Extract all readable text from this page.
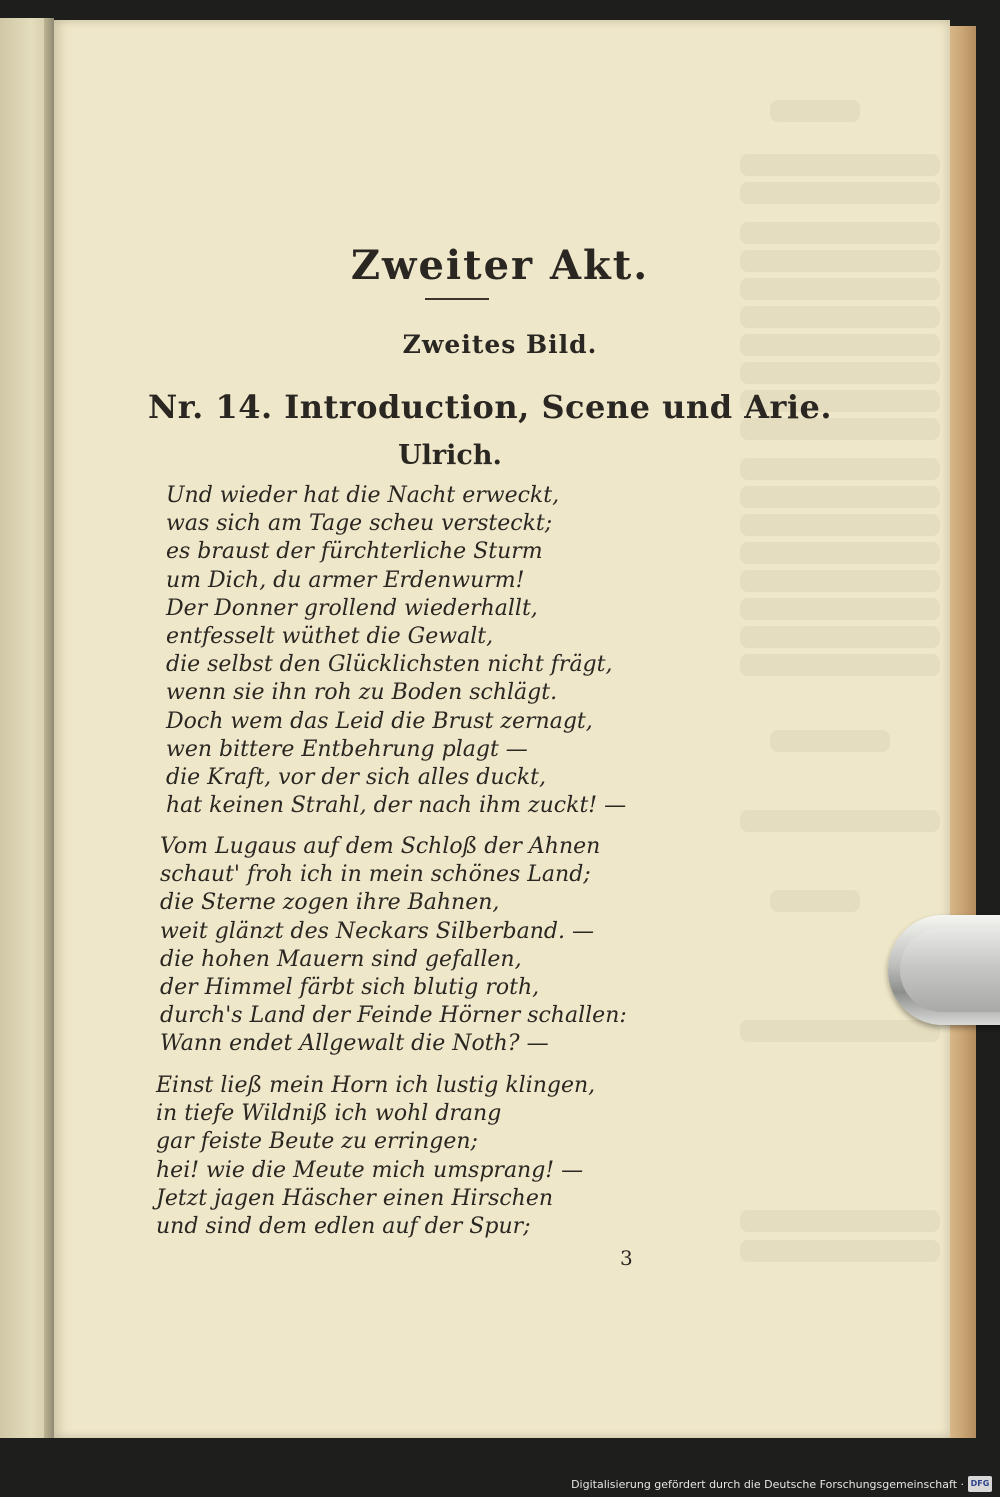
Zweiter Akt.
Zweites Bild.
Nr. 14. Introduction, Scene und Arie.
Ulrich.
Und wieder hat die Nacht erweckt,
was sich am Tage scheu versteckt;
es braust der fürchterliche Sturm
um Dich, du armer Erdenwurm!
Der Donner grollend wiederhallt,
entfesselt wüthet die Gewalt,
die selbst den Glücklichsten nicht frägt,
wenn sie ihn roh zu Boden schlägt.
Doch wem das Leid die Brust zernagt,
wen bittere Entbehrung plagt —
die Kraft, vor der sich alles duckt,
hat keinen Strahl, der nach ihm zuckt! —
Vom Lugaus auf dem Schloß der Ahnen
schaut' froh ich in mein schönes Land;
die Sterne zogen ihre Bahnen,
weit glänzt des Neckars Silberband. —
die hohen Mauern sind gefallen,
der Himmel färbt sich blutig roth,
durch's Land der Feinde Hörner schallen:
Wann endet Allgewalt die Noth? —
Einst ließ mein Horn ich lustig klingen,
in tiefe Wildniß ich wohl drang
gar feiste Beute zu erringen;
hei! wie die Meute mich umsprang! —
Jetzt jagen Häscher einen Hirschen
und sind dem edlen auf der Spur;
3
Digitalisierung gefördert durch die Deutsche Forschungsgemeinschaft · DFG
